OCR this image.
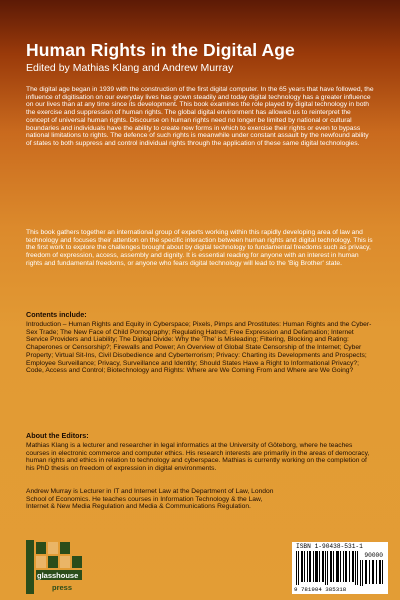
Human Rights in the Digital Age
Edited by Mathias Klang and Andrew Murray
The digital age began in 1939 with the construction of the first digital computer. In the 65 years that have followed, the influence of digitisation on our everyday lives has grown steadily and today digital technology has a greater influence on our lives than at any time since its development. This book examines the role played by digital technology in both the exercise and suppression of human rights. The global digital environment has allowed us to reinterpret the concept of universal human rights. Discourse on human rights need no longer be limited by national or cultural boundaries and individuals have the ability to create new forms in which to exercise their rights or even to bypass national limitations to rights. The defence of such rights is meanwhile under constant assault by the newfound ability of states to both suppress and control individual rights through the application of these same digital technologies.
This book gathers together an international group of experts working within this rapidly developing area of law and technology and focuses their attention on the specific interaction between human rights and digital technology. This is the first work to explore the challenges brought about by digital technology to fundamental freedoms such as privacy, freedom of expression, access, assembly and dignity. It is essential reading for anyone with an interest in human rights and fundamental freedoms, or anyone who fears digital technology will lead to the 'Big Brother' state.
Contents include:
Introduction – Human Rights and Equity in Cyberspace; Pixels, Pimps and Prostitutes: Human Rights and the Cyber-Sex Trade; The New Face of Child Pornography; Regulating Hatred; Free Expression and Defamation; Internet Service Providers and Liability; The Digital Divide: Why the 'The' is Misleading; Filtering, Blocking and Rating: Chaperones or Censorship?; Firewalls and Power; An Overview of Global State Censorship of the Internet; Cyber Property; Virtual Sit-Ins, Civil Disobedience and Cyberterrorism; Privacy: Charting its Developments and Prospects; Employee Surveillance; Privacy, Surveillance and Identity; Should States Have a Right to Informational Privacy?; Code, Access and Control; Biotechnology and Rights: Where are We Coming From and Where are We Going?
About the Editors:
Mathias Klang is a lecturer and researcher in legal informatics at the University of Göteborg, where he teaches courses in electronic commerce and computer ethics. His research interests are primarily in the areas of democracy, human rights and ethics in relation to technology and cyberspace. Mathias is currently working on the completion of his PhD thesis on freedom of expression in digital environments.
Andrew Murray is Lecturer in IT and Internet Law at the Department of Law, London School of Economics. He teaches courses in Information Technology & the Law, Internet & New Media Regulation and Media & Communications Regulation.
glasshouse
press
ISBN 1-90438-531-1
90000
9 781904 385318
